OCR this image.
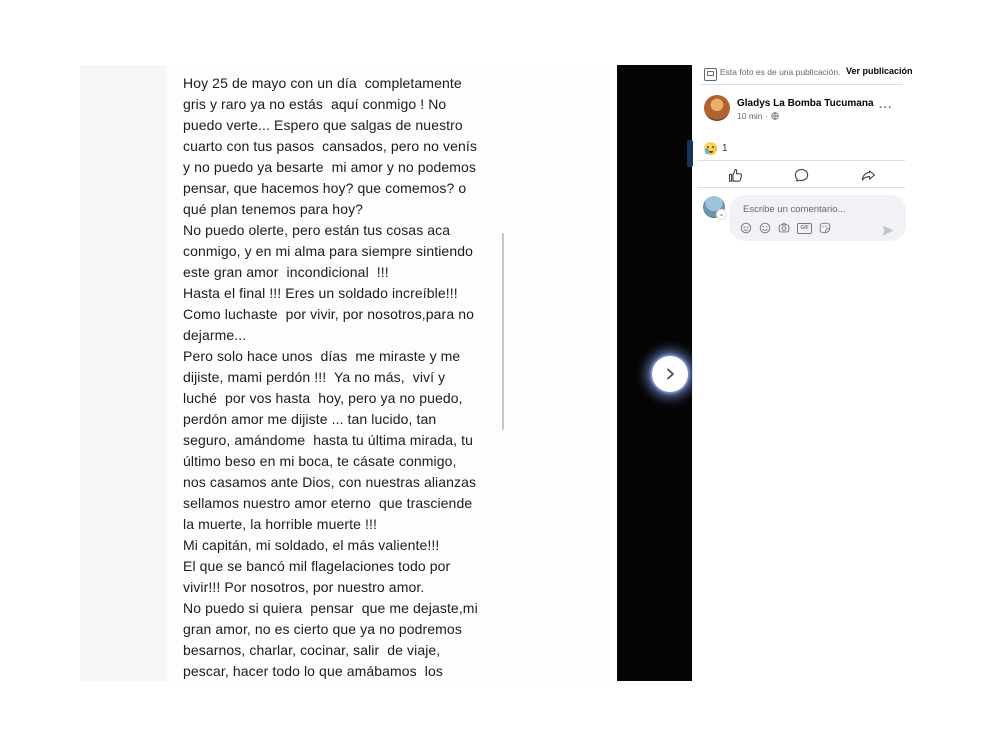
Hoy 25 de mayo con un día  completamente
gris y raro ya no estás  aquí conmigo ! No
puedo verte... Espero que salgas de nuestro
cuarto con tus pasos  cansados, pero no venís
y no puedo ya besarte  mi amor y no podemos
pensar, que hacemos hoy? que comemos? o
qué plan tenemos para hoy?
No puedo olerte, pero están tus cosas aca
conmigo, y en mi alma para siempre sintiendo
este gran amor  incondicional  !!!
Hasta el final !!! Eres un soldado increíble!!!
Como luchaste  por vivir, por nosotros,para no
dejarme...
Pero solo hace unos  días  me miraste y me
dijiste, mami perdón !!!  Ya no más,  viví y
luché  por vos hasta  hoy, pero ya no puedo,
perdón amor me dijiste ... tan lucido, tan
seguro, amándome  hasta tu última mirada, tu
último beso en mi boca, te cásate conmigo,
nos casamos ante Dios, con nuestras alianzas
sellamos nuestro amor eterno  que trasciende
la muerte, la horrible muerte !!!
Mi capitán, mi soldado, el más valiente!!!
El que se bancó mil flagelaciones todo por
vivir!!! Por nosotros, por nuestro amor.
No puedo si quiera  pensar  que me dejaste,mi
gran amor, no es cierto que ya no podremos
besarnos, charlar, cocinar, salir  de viaje,
pescar, hacer todo lo que amábamos  los
Esta foto es de una publicación. Ver publicación
Gladys La Bomba Tucumana
10 min ·
...
1
⌄ Escribe un comentario...
GIF
